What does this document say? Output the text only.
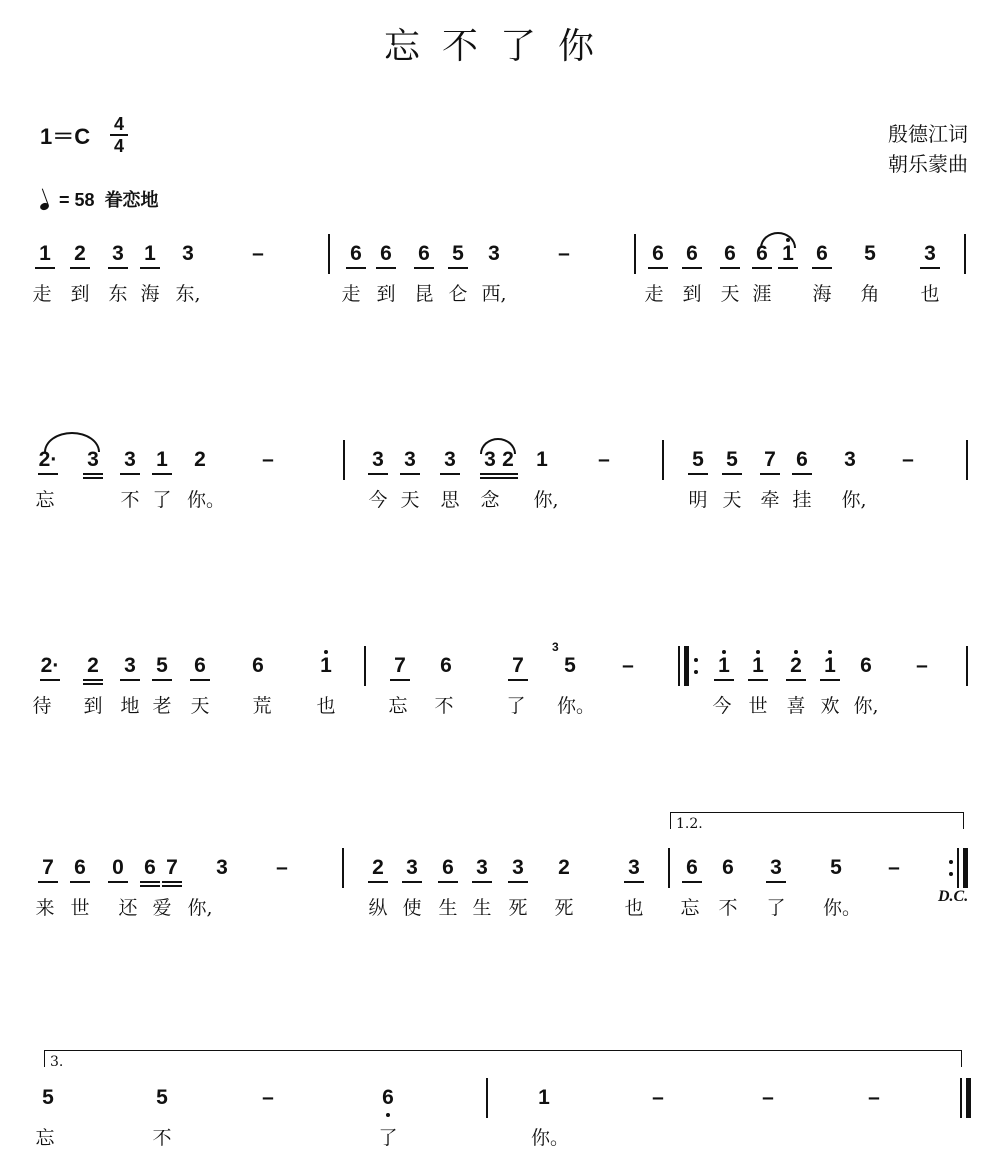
忘不了你
1＝C	4
4	殷德江词
朝乐蒙曲
= 58 眷恋地
1 2 3 1 3	–	6 6 6 5 3	–	6 6 6 6 1 6 5 3
走 到 东 海 东,	走 到 昆 仑 西,	走 到 天 涯 海 角 也
2· 3 3 1 2	–	3 3 3 3 2 1 –	5 5 7 6 3 –
忘	不 了 你。	今 天 思 念 你,	明 天 牵 挂 你,
2· 2 3 5 6 6	1	7 6	7 5 –	1 1 2 1 6 –
待 到 地 老 天 荒 也	忘 不	了 你。	今 世 喜 欢 你,
7 6 0 6 7 3 –	2 3 6 3 3 2	3 6 6 3 5 –
来 世 还 爱 你,	纵 使 生 生 死 死	也 忘 不 了 你。
5	5	–	6	1	–	–	–
忘	不	了	你。
3
1.2.
3.
D.C.
